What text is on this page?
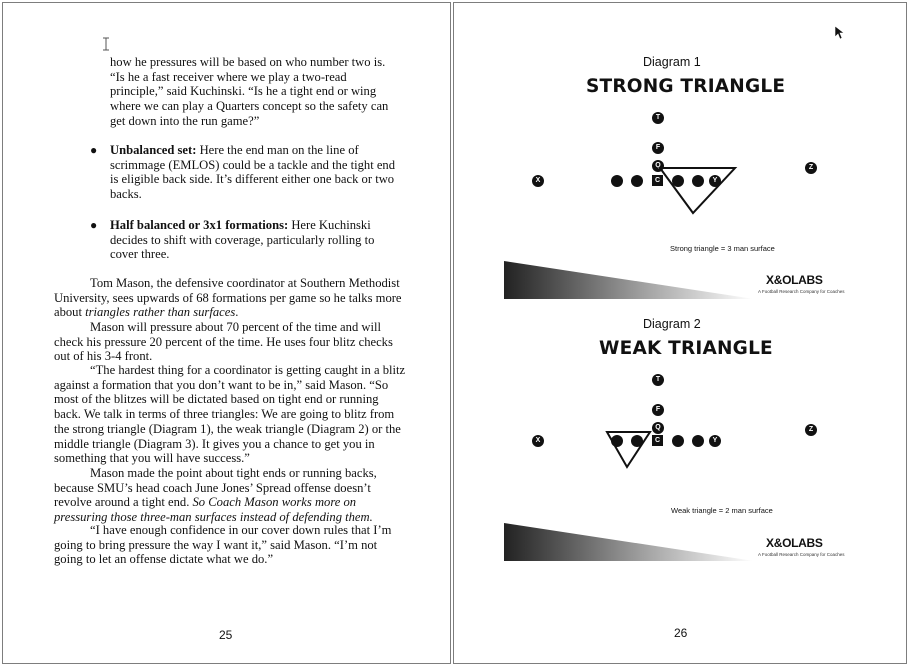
how he pressures will be based on who number two is. “Is he a fast receiver where we play a two-read principle,” said Kuchinski. “Is he a tight end or wing where we can play a Quarters concept so the safety can get down into the run game?”

● Unbalanced set: Here the end man on the line of scrimmage (EMLOS) could be a tackle and the tight end is eligible back side. It’s different either one back or two backs.
● Half balanced or 3x1 formations: Here Kuchinski decides to shift with coverage, particularly rolling to cover three.

Tom Mason, the defensive coordinator at Southern Methodist University, sees upwards of 68 formations per game so he talks more about triangles rather than surfaces.

Mason will pressure about 70 percent of the time and will check his pressure 20 percent of the time. He uses four blitz checks out of his 3-4 front.

“The hardest thing for a coordinator is getting caught in a blitz against a formation that you don’t want to be in,” said Mason. “So most of the blitzes will be dictated based on tight end or running back. We talk in terms of three triangles: We are going to blitz from the strong triangle (Diagram 1), the weak triangle (Diagram 2) or the middle triangle (Diagram 3). It gives you a chance to get you in something that you will have success.”

Mason made the point about tight ends or running backs, because SMU’s head coach June Jones’ Spread offense doesn’t revolve around a tight end. So Coach Mason works more on pressuring those three-man surfaces instead of defending them.

“I have enough confidence in our cover down rules that I’m going to bring pressure the way I want it,” said Mason. “I’m not going to let an offense dictate what we do.”

25
Diagram 1
STRONG TRIANGLE
T
F
Q
X	C	Y
Z
Strong triangle = 3 man surface
X&OLABS
A Football Research Company for Coaches
Diagram 2
WEAK TRIANGLE
T
F
Q
X	C	Y
Z
Weak triangle = 2 man surface
X&OLABS
A Football Research Company for Coaches
26
